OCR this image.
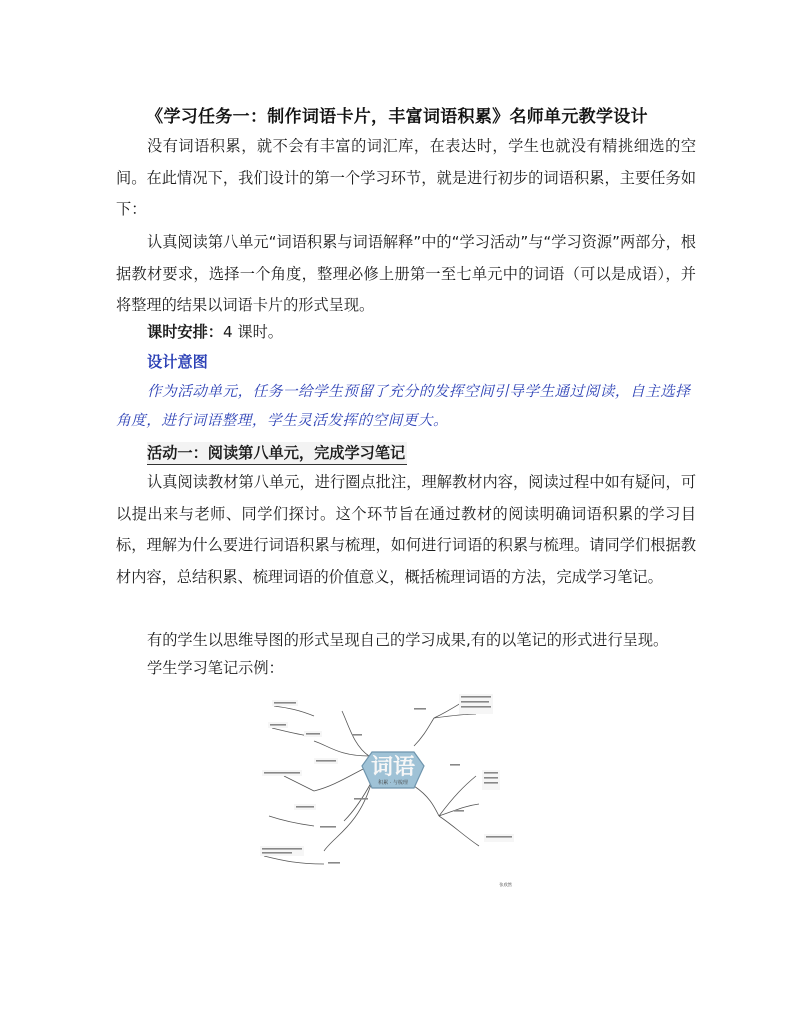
《学习任务一：制作词语卡片，丰富词语积累》名师单元教学设计
没有词语积累，就不会有丰富的词汇库，在表达时，学生也就没有精挑细选的空间。在此情况下，我们设计的第一个学习环节，就是进行初步的词语积累，主要任务如下：
认真阅读第八单元“词语积累与词语解释”中的“学习活动”与“学习资源”两部分，根据教材要求，选择一个角度，整理必修上册第一至七单元中的词语（可以是成语），并将整理的结果以词语卡片的形式呈现。
课时安排：4 课时。
设计意图
作为活动单元，任务一给学生预留了充分的发挥空间引导学生通过阅读，自主选择角度，进行词语整理，学生灵活发挥的空间更大。
活动一：阅读第八单元，完成学习笔记
认真阅读教材第八单元，进行圈点批注，理解教材内容，阅读过程中如有疑问，可以提出来与老师、同学们探讨。这个环节旨在通过教材的阅读明确词语积累的学习目标，理解为什么要进行词语积累与梳理，如何进行词语的积累与梳理。请同学们根据教材内容，总结积累、梳理词语的价值意义，概括梳理词语的方法，完成学习笔记。
有的学生以思维导图的形式呈现自己的学习成果,有的以笔记的形式进行呈现。
学生学习笔记示例：
词语
积累 · 与梳理
张欣然
